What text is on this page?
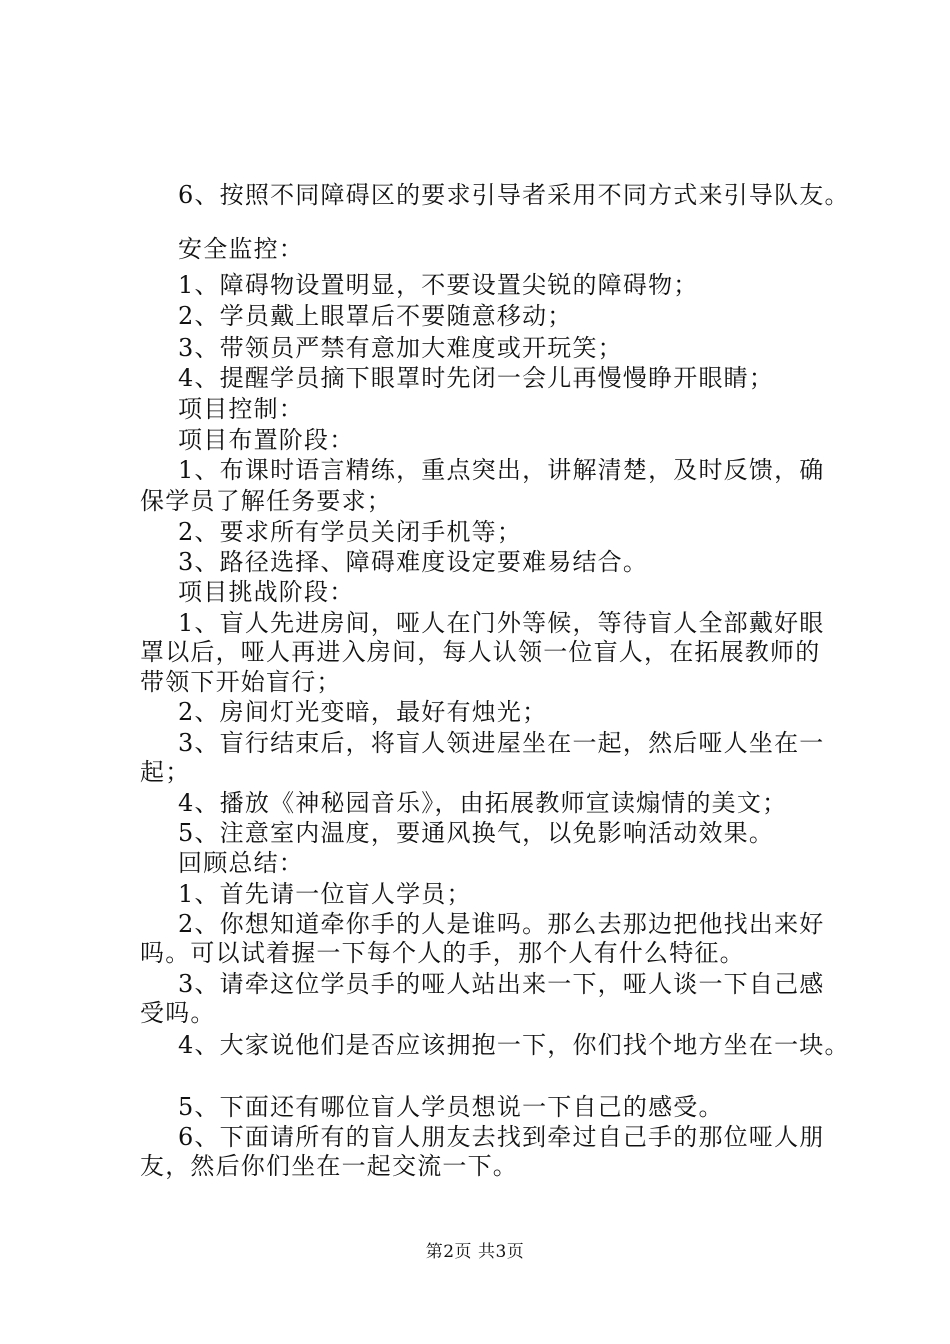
6、按照不同障碍区的要求引导者采用不同方式来引导队友。
安全监控：
1、障碍物设置明显，不要设置尖锐的障碍物；
2、学员戴上眼罩后不要随意移动；
3、带领员严禁有意加大难度或开玩笑；
4、提醒学员摘下眼罩时先闭一会儿再慢慢睁开眼睛；
项目控制：
项目布置阶段：
1、布课时语言精练，重点突出，讲解清楚，及时反馈，确
保学员了解任务要求；
2、要求所有学员关闭手机等；
3、路径选择、障碍难度设定要难易结合。
项目挑战阶段：
1、盲人先进房间，哑人在门外等候，等待盲人全部戴好眼
罩以后，哑人再进入房间，每人认领一位盲人，在拓展教师的
带领下开始盲行；
2、房间灯光变暗，最好有烛光；
3、盲行结束后，将盲人领进屋坐在一起，然后哑人坐在一
起；
4、播放《神秘园音乐》，由拓展教师宣读煽情的美文；
5、注意室内温度，要通风换气，以免影响活动效果。
回顾总结：
1、首先请一位盲人学员；
2、你想知道牵你手的人是谁吗。那么去那边把他找出来好
吗。可以试着握一下每个人的手，那个人有什么特征。
3、请牵这位学员手的哑人站出来一下，哑人谈一下自己感
受吗。
4、大家说他们是否应该拥抱一下，你们找个地方坐在一块。
5、下面还有哪位盲人学员想说一下自己的感受。
6、下面请所有的盲人朋友去找到牵过自己手的那位哑人朋
友，然后你们坐在一起交流一下。
第2页 共3页
